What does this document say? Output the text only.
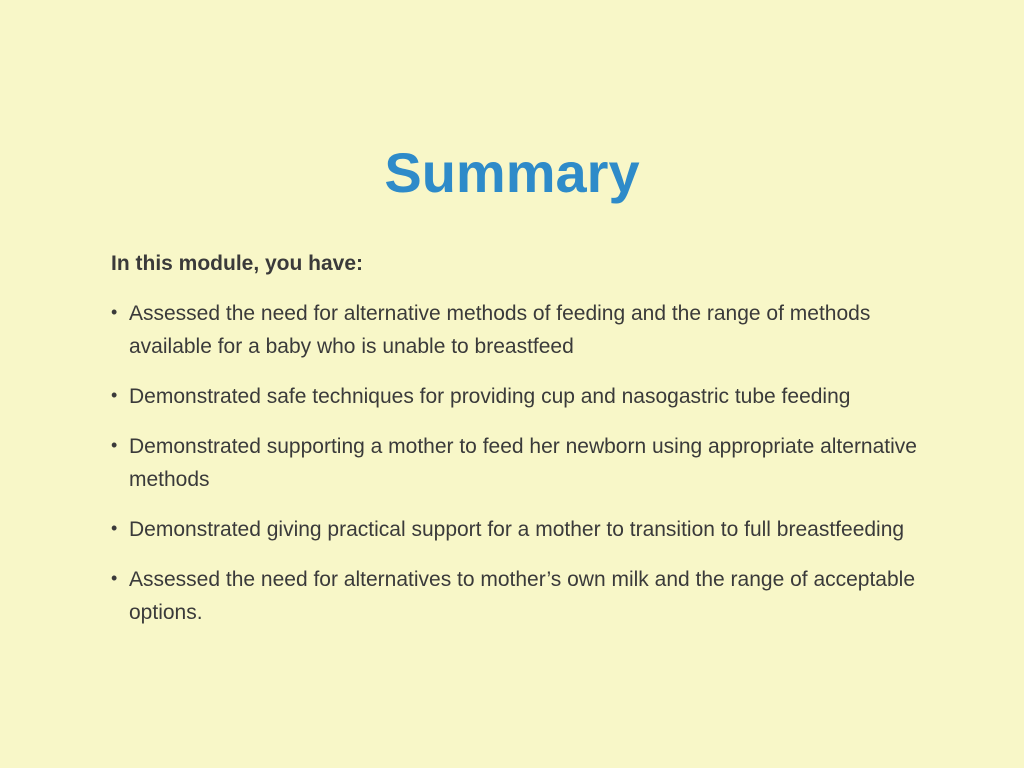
Summary

In this module, you have:

• Assessed the need for alternative methods of feeding and the range of methods available for a baby who is unable to breastfeed
• Demonstrated safe techniques for providing cup and nasogastric tube feeding
• Demonstrated supporting a mother to feed her newborn using appropriate alternative methods
• Demonstrated giving practical support for a mother to transition to full breastfeeding
• Assessed the need for alternatives to mother’s own milk and the range of acceptable options.
